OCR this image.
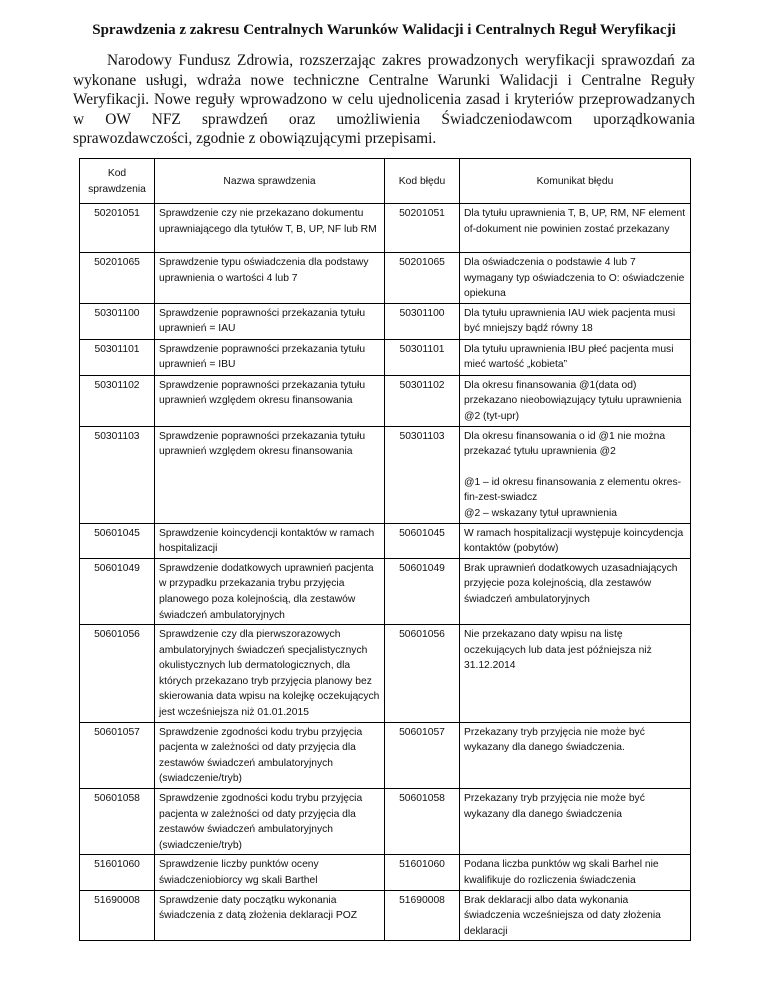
Sprawdzenia z zakresu Centralnych Warunków Walidacji i Centralnych Reguł Weryfikacji

Narodowy Fundusz Zdrowia, rozszerzając zakres prowadzonych weryfikacji sprawozdań za wykonane usługi, wdraża nowe techniczne Centralne Warunki Walidacji i Centralne Reguły Weryfikacji. Nowe reguły wprowadzono w celu ujednolicenia zasad i kryteriów przeprowadzanych w OW NFZ sprawdzeń oraz umożliwienia Świadczeniodawcom uporządkowania sprawozdawczości, zgodnie z obowiązującymi przepisami.

Kod sprawdzenia	Nazwa sprawdzenia	Kod błędu	Komunikat błędu
50201051	Sprawdzenie czy nie przekazano dokumentu uprawniającego dla tytułów T, B, UP, NF lub RM	50201051	Dla tytułu uprawnienia T, B, UP, RM, NF element of-dokument nie powinien zostać przekazany

50201065	Sprawdzenie typu oświadczenia dla podstawy uprawnienia o wartości 4 lub 7	50201065	Dla oświadczenia o podstawie 4 lub 7 wymagany typ oświadczenia to O: oświadczenie opiekuna

50301100	Sprawdzenie poprawności przekazania tytułu uprawnień = IAU	50301100	Dla tytułu uprawnienia IAU wiek pacjenta musi być mniejszy bądź równy 18

50301101	Sprawdzenie poprawności przekazania tytułu uprawnień = IBU	50301101	Dla tytułu uprawnienia IBU płeć pacjenta musi mieć wartość „kobieta”

50301102	Sprawdzenie poprawności przekazania tytułu uprawnień względem okresu finansowania	50301102	Dla okresu finansowania @1(data od) przekazano nieobowiązujący tytułu uprawnienia @2 (tyt-upr)

50301103	Sprawdzenie poprawności przekazania tytułu uprawnień względem okresu finansowania	50301103	Dla okresu finansowania o id @1 nie można przekazać tytułu uprawnienia @2
@1 – id okresu finansowania z elementu okres-fin-zest-swiadcz
@2 – wskazany tytuł uprawnienia

50601045	Sprawdzenie koincydencji kontaktów w ramach hospitalizacji	50601045	W ramach hospitalizacji występuje koincydencja kontaktów (pobytów)

50601049	Sprawdzenie dodatkowych uprawnień pacjenta w przypadku przekazania trybu przyjęcia planowego poza kolejnością, dla zestawów świadczeń ambulatoryjnych	50601049	Brak uprawnień dodatkowych uzasadniających przyjęcie poza kolejnością, dla zestawów świadczeń ambulatoryjnych

50601056	Sprawdzenie czy dla pierwszorazowych ambulatoryjnych świadczeń specjalistycznych okulistycznych lub dermatologicznych, dla których przekazano tryb przyjęcia planowy bez skierowania data wpisu na kolejkę oczekujących jest wcześniejsza niż 01.01.2015	50601056	Nie przekazano daty wpisu na listę oczekujących lub data jest późniejsza niż 31.12.2014

50601057	Sprawdzenie zgodności kodu trybu przyjęcia pacjenta w zależności od daty przyjęcia dla zestawów świadczeń ambulatoryjnych (swiadczenie/tryb)	50601057	Przekazany tryb przyjęcia nie może być wykazany dla danego świadczenia.

50601058	Sprawdzenie zgodności kodu trybu przyjęcia pacjenta w zależności od daty przyjęcia dla zestawów świadczeń ambulatoryjnych (swiadczenie/tryb)	50601058	Przekazany tryb przyjęcia nie może być wykazany dla danego świadczenia

51601060	Sprawdzenie liczby punktów oceny świadczeniobiorcy wg skali Barthel	51601060	Podana liczba punktów wg skali Barhel nie kwalifikuje do rozliczenia świadczenia

51690008	Sprawdzenie daty początku wykonania świadczenia z datą złożenia deklaracji POZ	51690008	Brak deklaracji albo data wykonania świadczenia wcześniejsza od daty złożenia deklaracji
